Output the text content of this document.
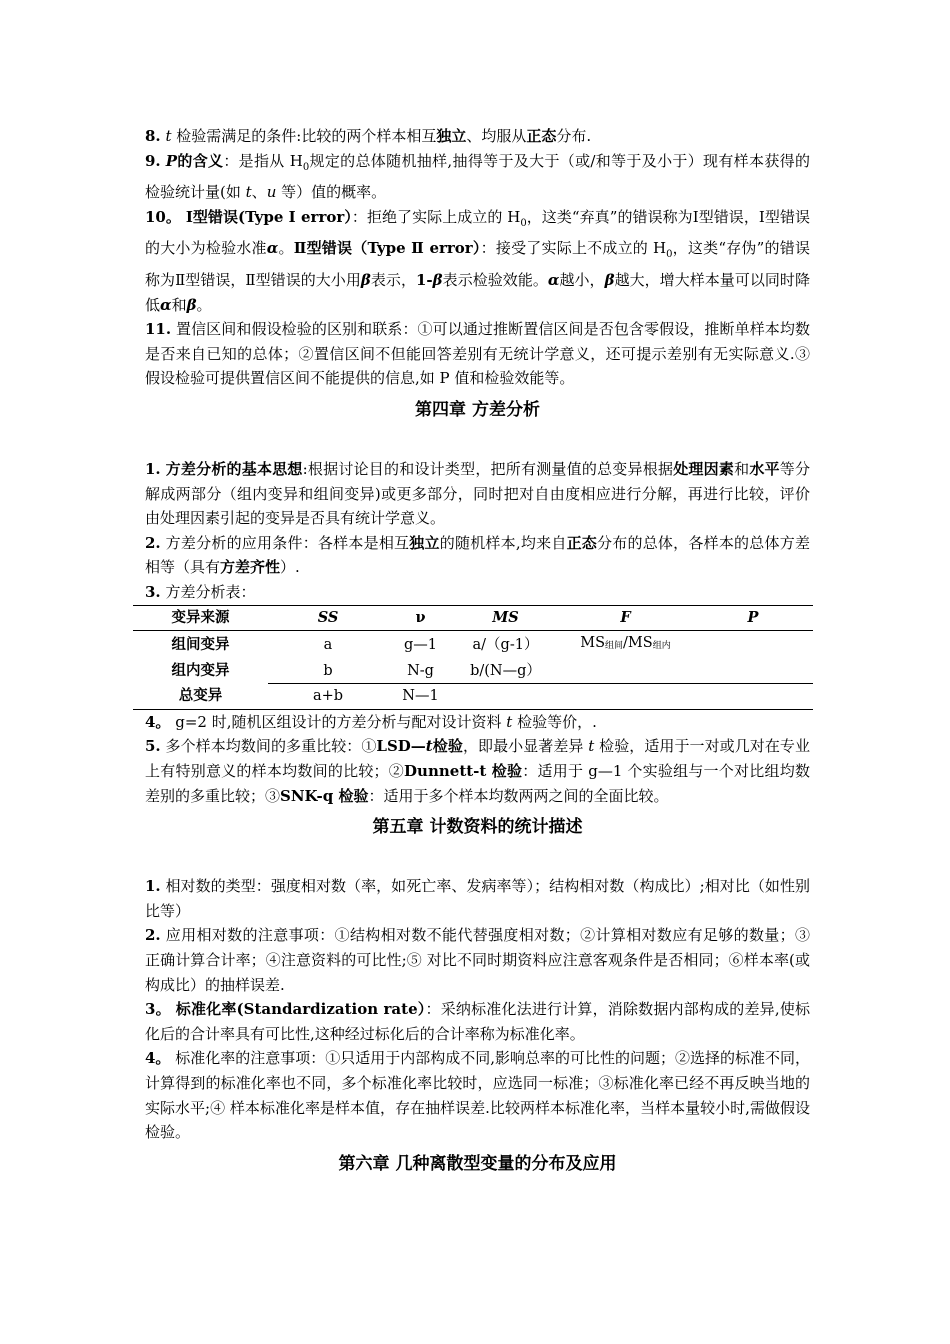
8. t 检验需满足的条件:比较的两个样本相互独立、均服从正态分布.

9. P的含义：是指从 $H_0$规定的总体随机抽样,抽得等于及大于（或/和等于及小于）现有样本获得的检验统计量(如 t、u 等）值的概率。

10。 Ⅰ型错误(Type Ⅰ error）：拒绝了实际上成立的 $H_0$，这类“弃真”的错误称为Ⅰ型错误，Ⅰ型错误的大小为检验水准α。Ⅱ型错误（Type Ⅱ error）：接受了实际上不成立的 $H_0$，这类“存伪”的错误称为Ⅱ型错误，Ⅱ型错误的大小用β表示，1-β表示检验效能。α越小，β越大，增大样本量可以同时降低α和β。

11. 置信区间和假设检验的区别和联系：①可以通过推断置信区间是否包含零假设，推断单样本均数是否来自已知的总体；②置信区间不但能回答差别有无统计学意义，还可提示差别有无实际意义.③ 假设检验可提供置信区间不能提供的信息,如 P 值和检验效能等。

第四章 方差分析

1. 方差分析的基本思想:根据讨论目的和设计类型，把所有测量值的总变异根据处理因素和水平等分解成两部分（组内变异和组间变异)或更多部分，同时把对自由度相应进行分解，再进行比较，评价由处理因素引起的变异是否具有统计学意义。

2. 方差分析的应用条件：各样本是相互独立的随机样本,均来自正态分布的总体，各样本的总体方差相等（具有方差齐性）.

3. 方差分析表：

变异来源	SS	ν	MS	F	P
组间变异	a	g—1	a/（g-1）	$MS_{组间}/MS_{组内}$	
组内变异	b	N-g	b/(N—g）		
总变异	a+b	N—1			

4。 g=2 时,随机区组设计的方差分析与配对设计资料 t 检验等价，.

5. 多个样本均数间的多重比较：①LSD—t检验，即最小显著差异 t 检验，适用于一对或几对在专业上有特别意义的样本均数间的比较；②Dunnett-t 检验：适用于 g—1 个实验组与一个对比组均数差别的多重比较；③SNK-q 检验：适用于多个样本均数两两之间的全面比较。

第五章 计数资料的统计描述

1. 相对数的类型：强度相对数（率，如死亡率、发病率等）；结构相对数（构成比）;相对比（如性别比等）

2. 应用相对数的注意事项：①结构相对数不能代替强度相对数；②计算相对数应有足够的数量；③正确计算合计率；④注意资料的可比性;⑤ 对比不同时期资料应注意客观条件是否相同；⑥样本率(或构成比）的抽样误差.

3。 标准化率(Standardization rate）：采纳标准化法进行计算，消除数据内部构成的差异,使标化后的合计率具有可比性,这种经过标化后的合计率称为标准化率。

4。 标准化率的注意事项：①只适用于内部构成不同,影响总率的可比性的问题；②选择的标准不同，计算得到的标准化率也不同，多个标准化率比较时，应选同一标准；③标准化率已经不再反映当地的实际水平;④ 样本标准化率是样本值，存在抽样误差.比较两样本标准化率，当样本量较小时,需做假设检验。

第六章 几种离散型变量的分布及应用
